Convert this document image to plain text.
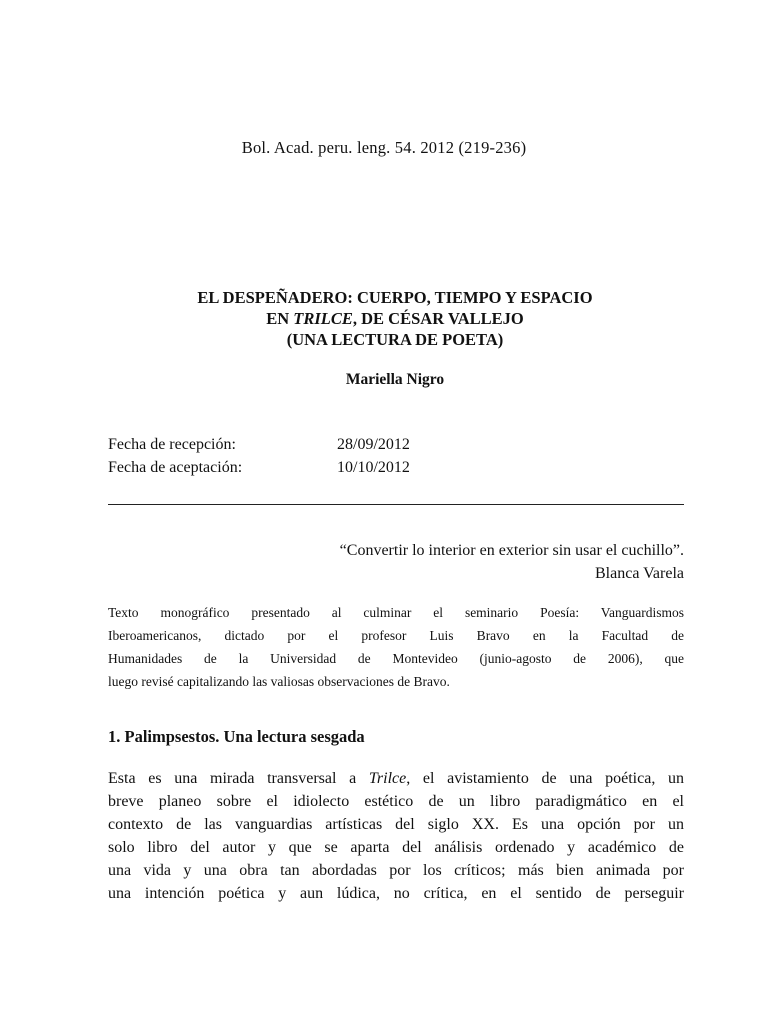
Bol. Acad. peru. leng. 54. 2012 (219-236)
EL DESPEÑADERO: CUERPO, TIEMPO Y ESPACIO
EN TRILCE, DE CÉSAR VALLEJO
(UNA LECTURA DE POETA)
Mariella Nigro
Fecha de recepción:	28/09/2012
Fecha de aceptación:	10/10/2012
“Convertir lo interior en exterior sin usar el cuchillo”.
Blanca Varela
Texto monográfico presentado al culminar el seminario Poesía: Vanguardismos
Iberoamericanos, dictado por el profesor Luis Bravo en la Facultad de
Humanidades de la Universidad de Montevideo (junio-agosto de 2006), que
luego revisé capitalizando las valiosas observaciones de Bravo.
1. Palimpsestos. Una lectura sesgada
Esta es una mirada transversal a Trilce, el avistamiento de una poética, un
breve planeo sobre el idiolecto estético de un libro paradigmático en el
contexto de las vanguardias artísticas del siglo XX. Es una opción por un
solo libro del autor y que se aparta del análisis ordenado y académico de
una vida y una obra tan abordadas por los críticos; más bien animada por
una intención poética y aun lúdica, no crítica, en el sentido de perseguir
